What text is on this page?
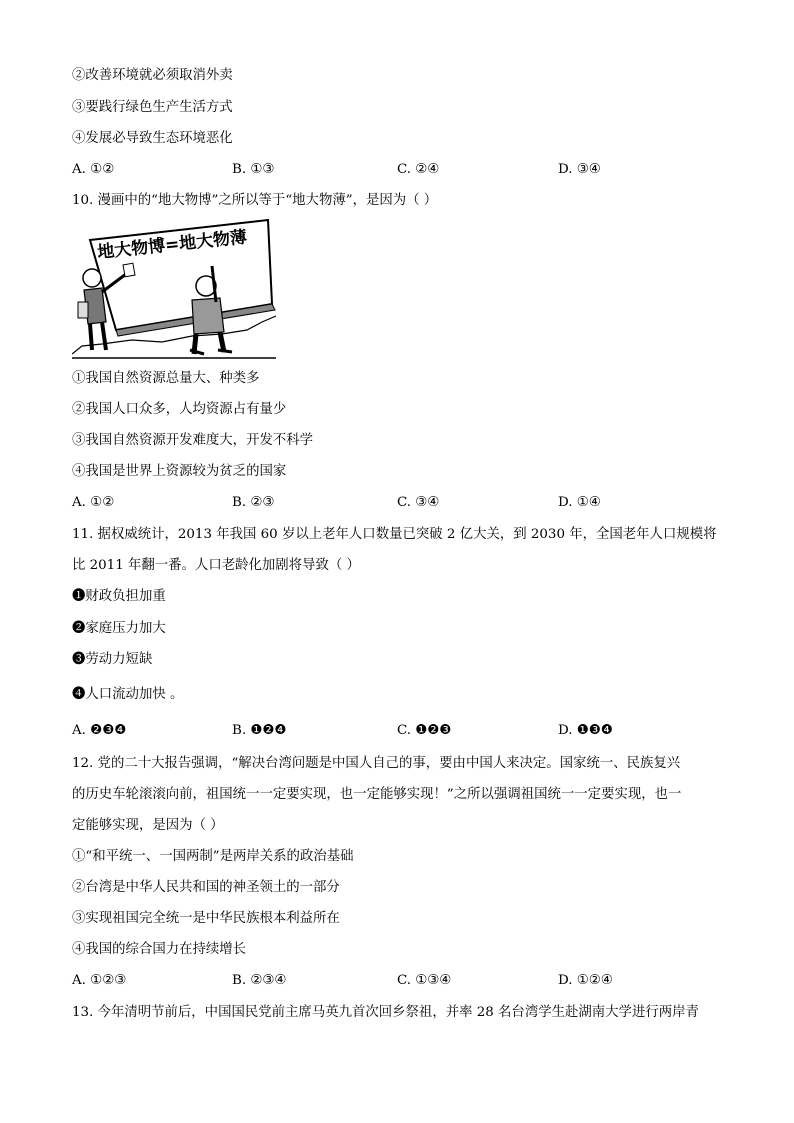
②改善环境就必须取消外卖
③要践行绿色生产生活方式
④发展必导致生态环境恶化
A. ①②	B. ①③	C. ②④	D. ③④
10. 漫画中的“地大物博”之所以等于“地大物薄”，是因为（ ）
地大物博=地大物薄
①我国自然资源总量大、种类多
②我国人口众多，人均资源占有量少
③我国自然资源开发难度大，开发不科学
④我国是世界上资源较为贫乏的国家
A. ①②	B. ②③	C. ③④	D. ①④
11. 据权威统计，2013 年我国 60 岁以上老年人口数量已突破 2 亿大关，到 2030 年，全国老年人口规模将
比 2011 年翻一番。人口老龄化加剧将导致（ ）
❶财政负担加重
❷家庭压力加大
❸劳动力短缺
❹人口流动加快 。
A. ❷❸❹	B. ❶❷❹	C. ❶❷❸	D. ❶❸❹
12. 党的二十大报告强调，“解决台湾问题是中国人自己的事，要由中国人来决定。国家统一、民族复兴
的历史车轮滚滚向前，祖国统一一定要实现，也一定能够实现！”之所以强调祖国统一一定要实现，也一
定能够实现，是因为（ ）
①“和平统一、一国两制”是两岸关系的政治基础
②台湾是中华人民共和国的神圣领土的一部分
③实现祖国完全统一是中华民族根本利益所在
④我国的综合国力在持续增长
A. ①②③	B. ②③④	C. ①③④	D. ①②④
13. 今年清明节前后，中国国民党前主席马英九首次回乡祭祖，并率 28 名台湾学生赴湖南大学进行两岸青
